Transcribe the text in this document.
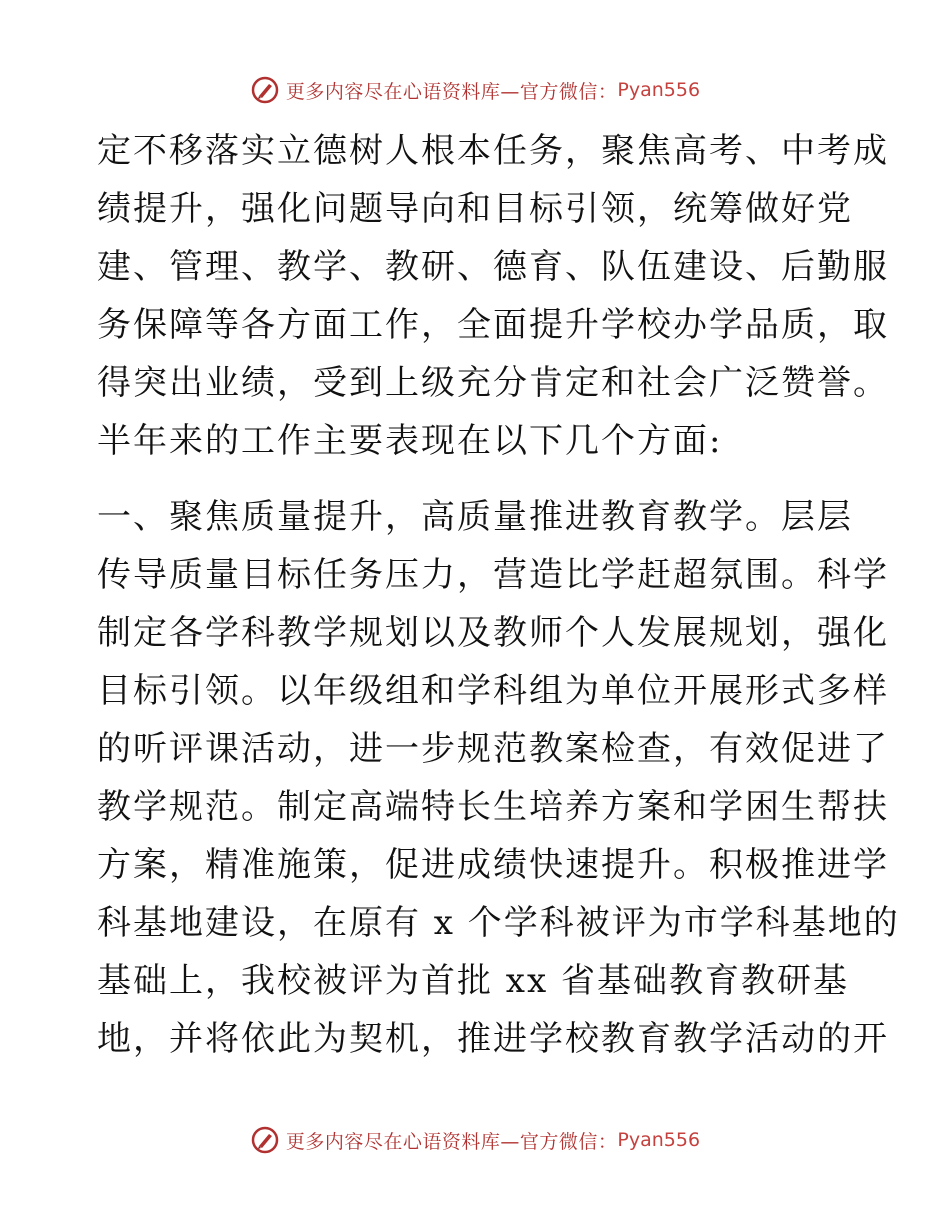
更多内容尽在心语资料库—官方微信： Pyan556
定不移落实立德树人根本任务，聚焦高考、中考成
绩提升，强化问题导向和目标引领，统筹做好党
建、管理、教学、教研、德育、队伍建设、后勤服
务保障等各方面工作，全面提升学校办学品质，取
得突出业绩，受到上级充分肯定和社会广泛赞誉。
半年来的工作主要表现在以下几个方面:
一、聚焦质量提升，高质量推进教育教学。层层
传导质量目标任务压力，营造比学赶超氛围。科学
制定各学科教学规划以及教师个人发展规划，强化
目标引领。以年级组和学科组为单位开展形式多样
的听评课活动，进一步规范教案检查，有效促进了
教学规范。制定高端特长生培养方案和学困生帮扶
方案，精准施策，促进成绩快速提升。积极推进学
科基地建设，在原有 x 个学科被评为市学科基地的
基础上，我校被评为首批 xx 省基础教育教研基
地，并将依此为契机，推进学校教育教学活动的开
更多内容尽在心语资料库—官方微信： Pyan556
